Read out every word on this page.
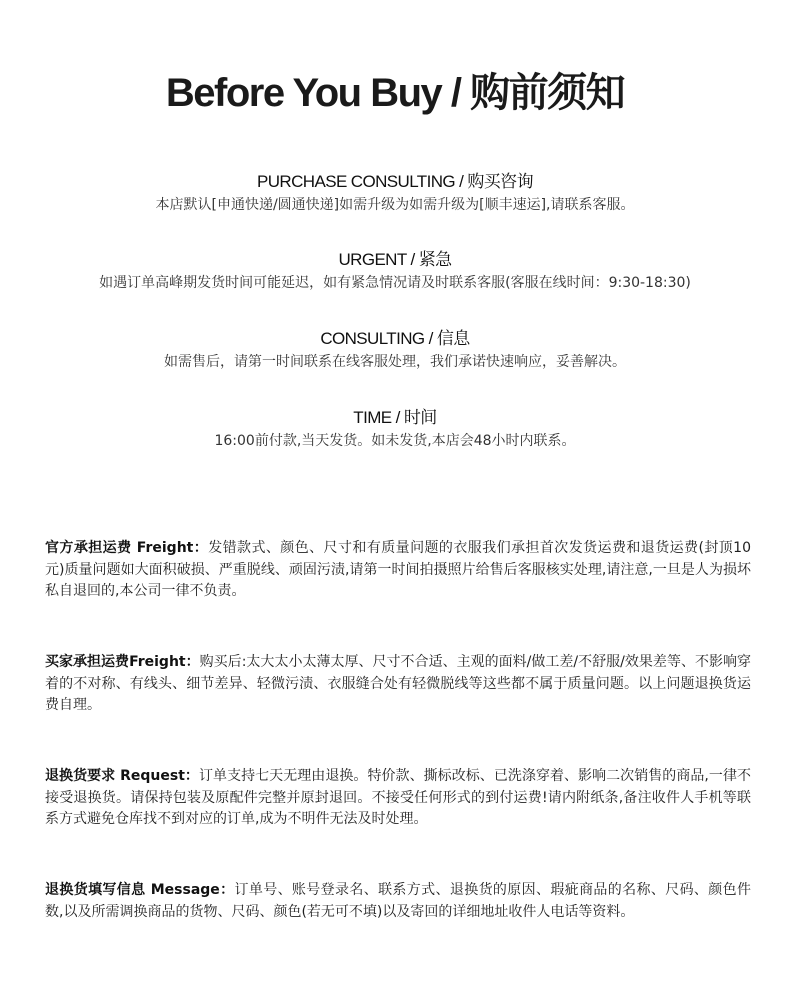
Before You Buy / 购前须知
PURCHASE CONSULTING / 购买咨询
本店默认[申通快递/圆通快递]如需升级为如需升级为[顺丰速运],请联系客服。
URGENT / 紧急
如遇订单高峰期发货时间可能延迟，如有紧急情况请及时联系客服(客服在线时间：9:30-18:30)
CONSULTING / 信息
如需售后，请第一时间联系在线客服处理，我们承诺快速响应，妥善解决。
TIME / 时间
16:00前付款,当天发货。如未发货,本店会48小时内联系。
官方承担运费 Freight：发错款式、颜色、尺寸和有质量问题的衣服我们承担首次发货运费和退货运费(封顶10元)质量问题如大面积破损、严重脱线、顽固污渍,请第一时间拍摄照片给售后客服核实处理,请注意,一旦是人为损坏私自退回的,本公司一律不负责。
买家承担运费Freight：购买后:太大太小太薄太厚、尺寸不合适、主观的面料/做工差/不舒服/效果差等、不影响穿着的不对称、有线头、细节差异、轻微污渍、衣服缝合处有轻微脱线等这些都不属于质量问题。以上问题退换货运费自理。
退换货要求 Request：订单支持七天无理由退换。特价款、撕标改标、已洗涤穿着、影响二次销售的商品,一律不接受退换货。请保持包装及原配件完整并原封退回。不接受任何形式的到付运费!请内附纸条,备注收件人手机等联系方式避免仓库找不到对应的订单,成为不明件无法及时处理。
退换货填写信息 Message：订单号、账号登录名、联系方式、退换货的原因、瑕疵商品的名称、尺码、颜色件数,以及所需调换商品的货物、尺码、颜色(若无可不填)以及寄回的详细地址收件人电话等资料。
